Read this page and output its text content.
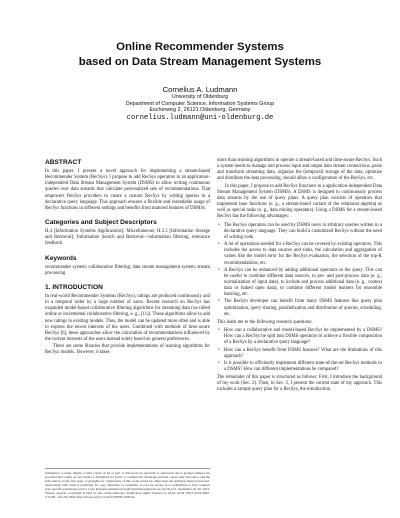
Online Recommender Systems
based on Data Stream Management Systems
Cornelius A. Ludmann
University of Oldenburg
Department of Computer Science, Information Systems Group
Escherweg 2, 26121 Oldenburg, Germany
cornelius.ludmann@uni-oldenburg.de
ABSTRACT

In this paper, I present a novel approach for implementing a stream-based Recommender System (RecSys). I propose to add RecSys operators to an application-independent Data Stream Management System (DSMS) to allow writing continuous queries over data streams that calculate personalized sets of recommendations. That empowers RecSys providers to create a custom RecSys by writing queries in a declarative query language. This approach ensures a flexible and extendable usage of RecSys functions in different settings and benefits from matured features of DSMSs.

Categories and Subject Descriptors

H.4 [Information Systems Applications]: Miscellaneous; H.3.3 [Information Storage and Retrieval]: Information Search and Retrieval—information filtering, relevance feedback

Keywords

recommender system; collaborative filtering; data stream management system; stream processing

1. INTRODUCTION

In real-world Recommender Systems (RecSys), ratings are produced continuously and in a temporal order by a large number of users. Recent research on RecSys has expanded model-based collaborative filtering algorithms for streaming data (so-called online or incremental collaborative filtering, e. g., [11]). These algorithms allow to add new ratings to existing models. Thus, the model can be updated more often and is able to express the recent interests of the users. Combined with methods of time-aware RecSys [6], these approaches allow the calculation of recommendations influenced by the current interests of the users instead solely based on general preferences.

There are some libraries that provide implementations of learning algorithms for RecSys models. However, it takes

Permission to make digital or hard copies of all or part of this work for personal or classroom use is granted without fee provided that copies are not made or distributed for profit or commercial advantage and that copies bear this notice and the full citation on the first page. Copyrights for components of this work owned by others than the author(s) must be honored. Abstracting with credit is permitted. To copy otherwise, or republish, to post on servers or to redistribute to lists, requires prior specific permission and/or a fee. Request permissions from Permissions@acm.org. RecSys'15, September 16–20, 2015, Vienna, Austria. Copyright is held by the owner/author(s). Publication rights licensed to ACM. ACM 978-1-4503-3692-5/15/09 ...$15.00. DOI: http://dx.doi.org/10.1145/2792838.2796544 .

more than learning algorithms to operate a stream-based and time-aware RecSys. Such a system needs to manage and process input and output data stream connections, parse and transform streaming data, organize the (temporal) storage of the data, optimize and distribute the data processing, should allow a configuration of the RecSys, etc.

In this paper, I propose to add RecSys functions to a application-independent Data Stream Management System (DSMS). A DSMS is designed to continuously process data streams by the use of query plans. A query plan consists of operators that implement base functions (e. g., a stream-based variant of the relational algebra) as well as special tasks (e. g., data mining operators). Using a DSMS for a stream-based RecSys has the following advantages:

• The RecSys operators can be used by DSMS users in arbitrary queries written in a declarative query language. They can build a customized RecSys without the need of writing code.
• A lot of operations needed for a RecSys can be covered by existing operators. This includes the access to data sources and sinks, the calculation and aggregation of values like the model error for the RecSys evaluation, the selection of the top-K recommendations, etc.
• A RecSys can be enhanced by adding additional operators to the query. This can be useful to combine different data sources, to pre- and post-process data (e. g., normalization of input data), to include and process additional data (e. g., context data or linked open data), to combine different model learners for ensemble learning, etc.
• The RecSys developer can benefit from many DSMS features like query plan optimization, query sharing, parallelization and distribution of queries, scheduling, etc.

This leads me to the following research questions:

• How can a collaborative and model-based RecSys be implemented by a DSMS? How can a RecSys be split into DSMS operators to achieve a flexible composition of a RecSys by a declarative query language?
• How can a RecSys benefit from DSMS features? What are the limitations of this approach?
• Is it possible to efficiently implement different state-of-the-art RecSys methods to a DSMS? How can different implementations be compared?

The remainder of this paper is structured as follows: First, I introduce the background of my work (Sec. 2). Then, in Sec. 3, I present the current state of my approach. This includes a sample query plan for a RecSys, the introduction
